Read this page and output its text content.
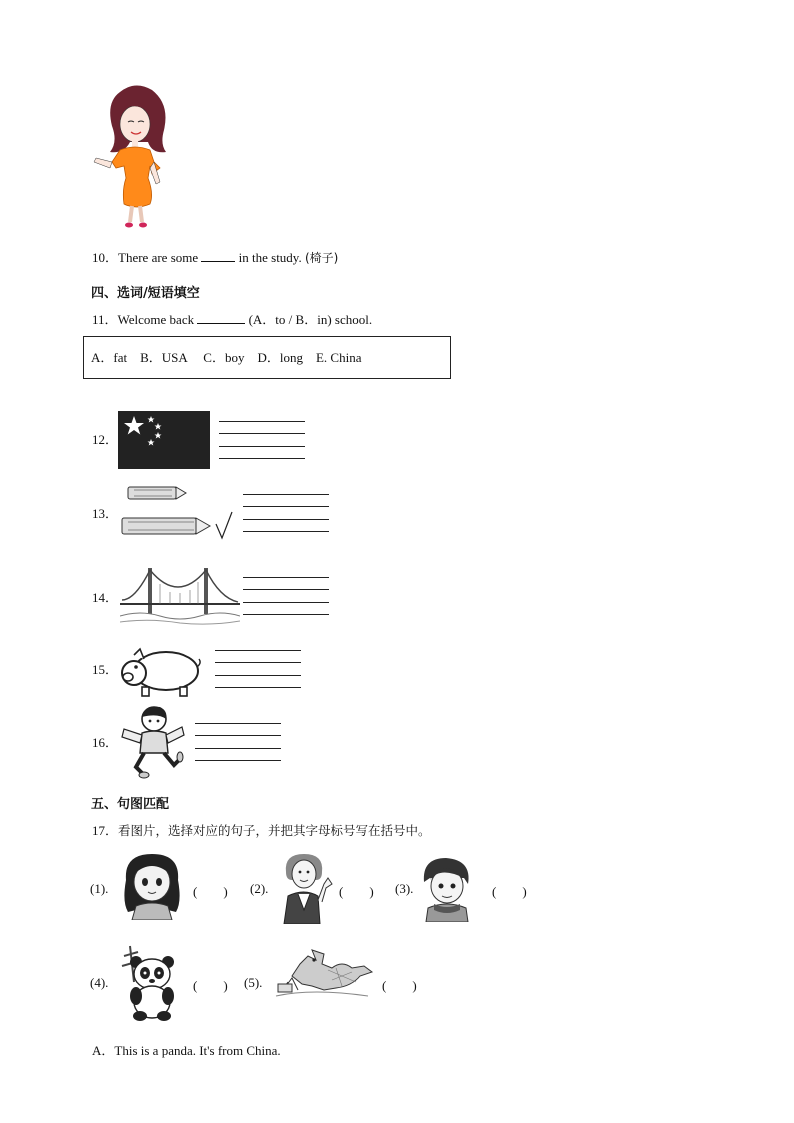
10．There are some	in the study. (椅子)
四、选词/短语填空
11．Welcome back	(A．to / B．in) school.
A．fat　B．USA　 C．boy　D．long　E. China
12．
13．
14．
15．
16．
五、句图匹配
17．看图片，选择对应的句子，并把其字母标号写在括号中。
(1).	(　　) (2).	(　　) (3).	(　　)
(4).	(　　) (5).	(　　)
A．This is a panda. It's from China.
